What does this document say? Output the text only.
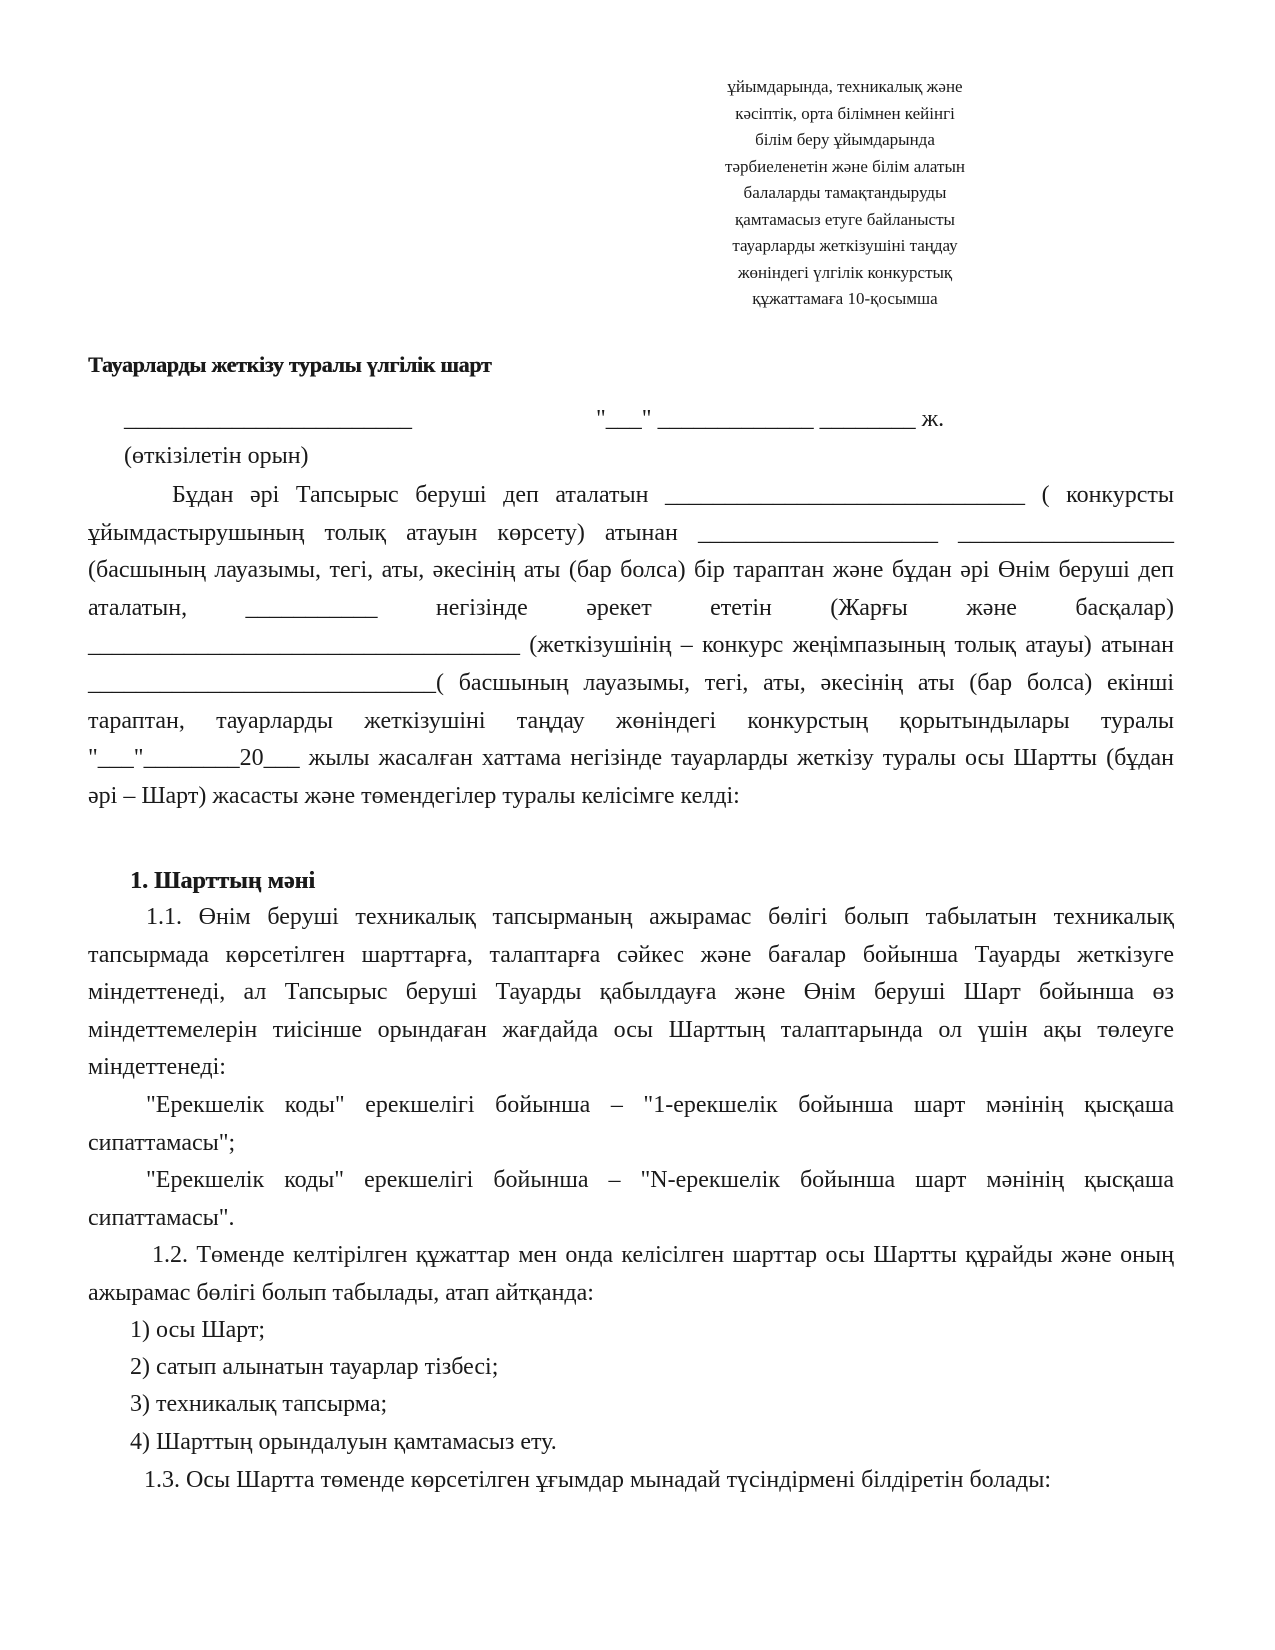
ұйымдарында, техникалық және
кәсіптік, орта білімнен кейінгі
білім беру ұйымдарында
тәрбиеленетін және білім алатын
балаларды тамақтандыруды
қамтамасыз етуге байланысты
тауарларды жеткізушіні таңдау
жөніндегі үлгілік конкурстық
құжаттамаға 10-қосымша
Тауарларды жеткізу туралы үлгілік шарт
________________________	"___" _____________ ________ ж.
(өткізілетін орын)
Бұдан әрі Тапсырыс беруші деп аталатын ______________________________ ( конкурсты ұйымдастырушының толық атауын көрсету) атынан ____________________ __________________ (басшының лауазымы, тегі, аты, әкесінің аты (бар болса) бір тараптан және бұдан әрі Өнім беруші деп аталатын, ___________ негізінде әрекет ететін (Жарғы және басқалар) ____________________________________ (жеткізушінің – конкурс жеңімпазының толық атауы) атынан _____________________________( басшының лауазымы, тегі, аты, әкесінің аты (бар болса) екінші тараптан, тауарларды жеткізушіні таңдау жөніндегі конкурстың қорытындылары туралы "___"________20___ жылы жасалған хаттама негізінде тауарларды жеткізу туралы осы Шартты (бұдан әрі – Шарт) жасасты және төмендегілер туралы келісімге келді:
1. Шарттың мәні
1.1. Өнім беруші техникалық тапсырманың ажырамас бөлігі болып табылатын техникалық тапсырмада көрсетілген шарттарға, талаптарға сәйкес және бағалар бойынша Тауарды жеткізуге міндеттенеді, ал Тапсырыс беруші Тауарды қабылдауға және Өнім беруші Шарт бойынша өз міндеттемелерін тиісінше орындаған жағдайда осы Шарттың талаптарында ол үшін ақы төлеуге міндеттенеді:
"Ерекшелік коды" ерекшелігі бойынша – "1-ерекшелік бойынша шарт мәнінің қысқаша сипаттамасы";
"Ерекшелік коды" ерекшелігі бойынша – "N-ерекшелік бойынша шарт мәнінің қысқаша сипаттамасы".
1.2. Төменде келтірілген құжаттар мен онда келісілген шарттар осы Шартты құрайды және оның ажырамас бөлігі болып табылады, атап айтқанда:
1) осы Шарт;
2) сатып алынатын тауарлар тізбесі;
3) техникалық тапсырма;
4) Шарттың орындалуын қамтамасыз ету.
1.3. Осы Шартта төменде көрсетілген ұғымдар мынадай түсіндірмені білдіретін болады:
